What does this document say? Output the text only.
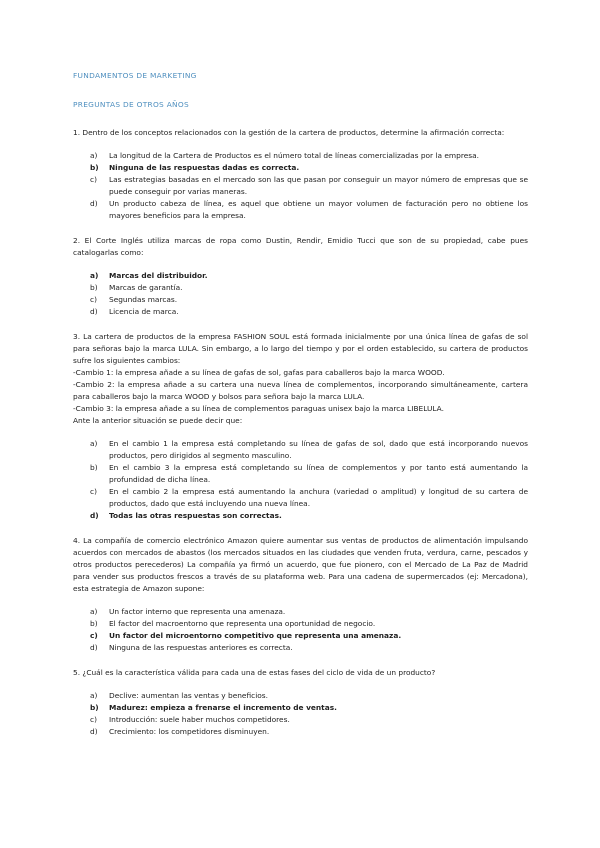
FUNDAMENTOS DE MARKETING

PREGUNTAS DE OTROS AÑOS

1. Dentro de los conceptos relacionados con la gestión de la cartera de productos, determine la afirmación correcta:

a) La longitud de la Cartera de Productos es el número total de líneas comercializadas por la empresa.
b) Ninguna de las respuestas dadas es correcta.
c) Las estrategias basadas en el mercado son las que pasan por conseguir un mayor número de empresas que se puede conseguir por varias maneras.
d) Un producto cabeza de línea, es aquel que obtiene un mayor volumen de facturación pero no obtiene los mayores beneficios para la empresa.

2. El Corte Inglés utiliza marcas de ropa como Dustin, Rendir, Emidio Tucci que son de su propiedad, cabe pues catalogarlas como:

a) Marcas del distribuidor.
b) Marcas de garantía.
c) Segundas marcas.
d) Licencia de marca.

3. La cartera de productos de la empresa FASHION SOUL está formada inicialmente por una única línea de gafas de sol para señoras bajo la marca LULA. Sin embargo, a lo largo del tiempo y por el orden establecido, su cartera de productos sufre los siguientes cambios:
-Cambio 1: la empresa añade a su línea de gafas de sol, gafas para caballeros bajo la marca WOOD.
-Cambio 2: la empresa añade a su cartera una nueva línea de complementos, incorporando simultáneamente, cartera para caballeros bajo la marca WOOD y bolsos para señora bajo la marca LULA.
-Cambio 3: la empresa añade a su línea de complementos paraguas unisex bajo la marca LIBELULA.
Ante la anterior situación se puede decir que:

a) En el cambio 1 la empresa está completando su línea de gafas de sol, dado que está incorporando nuevos productos, pero dirigidos al segmento masculino.
b) En el cambio 3 la empresa está completando su línea de complementos y por tanto está aumentando la profundidad de dicha línea.
c) En el cambio 2 la empresa está aumentando la anchura (variedad o amplitud) y longitud de su cartera de productos, dado que está incluyendo una nueva línea.
d) Todas las otras respuestas son correctas.

4. La compañía de comercio electrónico Amazon quiere aumentar sus ventas de productos de alimentación impulsando acuerdos con mercados de abastos (los mercados situados en las ciudades que venden fruta, verdura, carne, pescados y otros productos perecederos) La compañía ya firmó un acuerdo, que fue pionero, con el Mercado de La Paz de Madrid para vender sus productos frescos a través de su plataforma web. Para una cadena de supermercados (ej: Mercadona), esta estrategia de Amazon supone:

a) Un factor interno que representa una amenaza.
b) El factor del macroentorno que representa una oportunidad de negocio.
c) Un factor del microentorno competitivo que representa una amenaza.
d) Ninguna de las respuestas anteriores es correcta.

5. ¿Cuál es la característica válida para cada una de estas fases del ciclo de vida de un producto?

a) Declive: aumentan las ventas y beneficios.
b) Madurez: empieza a frenarse el incremento de ventas.
c) Introducción: suele haber muchos competidores.
d) Crecimiento: los competidores disminuyen.
